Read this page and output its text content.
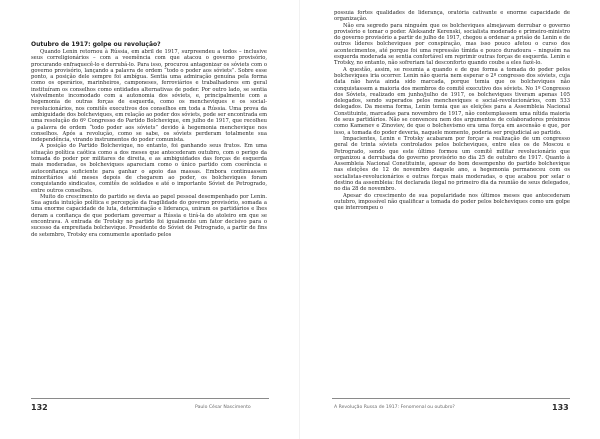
Outubro de 1917: golpe ou revolução?

Quando Lenin retornou à Rússia, em abril de 1917, surpreendeu a todos – inclusive seus correligionários – com a veemência com que atacou o governo provisório, procurando enfraquecê-lo e derrubá-lo. Para isso, procurou antagonizar os sóviets com o governo provisório, lançando a palavra de ordem “todo o poder aos sóviets”. Sobre esse ponto, a posição dele sempre foi ambígua. Sentia uma admiração genuína pela forma como os operários, marinheiros, camponeses, ferroviários e trabalhadores em geral instituíram os conselhos como entidades alternativas de poder. Por outro lado, se sentia visivelmente incomodado com a autonomia dos sóviets, e, principalmente com a hegemonia de outras forças de esquerda, como os mencheviques e os social-revolucionários, nos comitês executivos dos conselhos em toda a Rússia. Uma prova da ambiguidade dos bolcheviques, em relação ao poder dos sóviets, pode ser encontrada em uma resolução do 6º Congresso do Partido Bolchevique, em julho de 1917, que recolheu a palavra de ordem “todo poder aos sóviets” devido à hegemonia menchevique nos conselhos. Após a revolução, como se sabe, os sóviets perderam totalmente sua independência, virando instrumentos do poder comunista.

A posição do Partido Bolchevique, no entanto, foi ganhando seus frutos. Em uma situação política caótica como a dos meses que antecederam outubro, com o perigo da tomada do poder por militares de direita, e as ambiguidades das forças de esquerda mais moderadas, os bolcheviques apareciam como o único partido com coerência e autoconfiança suficiente para ganhar o apoio das massas. Embora continuassem minoritários até meses depois de chegarem ao poder, os bolcheviques foram conquistando sindicatos, comitês de soldados e até o importante Sóviet de Petrogrado, entre outros conselhos.

Muito do crescimento do partido se devia ao papel pessoal desempenhado por Lenin. Sua aguda intuição política e percepção da fragilidade do governo provisório, somada a uma enorme capacidade de luta, determinação e liderança, uniram os partidários e lhes deram a confiança de que poderiam governar a Rússia e tirá-la do atoleiro em que se encontrava. A entrada de Trotsky no partido foi igualmente um fator decisivo para o sucesso da empreitada bolchevique. Presidente do Sóviet de Petrogrado, a partir de fins de setembro, Trotsky era comumente apontado pelos

132	Paulo César Nascimento

possuía fortes qualidades de liderança, oratória cativante e enorme capacidade de organização.

Não era segredo para ninguém que os bolcheviques almejavam derrubar o governo provisório e tomar o poder. Aleksandr Kerenski, socialista moderado e primeiro-ministro do governo provisório a partir de julho de 1917, chegou a ordenar a prisão de Lenin e de outros líderes bolcheviques por conspiração, mas isso pouco afetou o curso dos acontecimentos, até porque foi uma repressão tímida e pouco duradoura – ninguém na esquerda moderada se sentia confortável em reprimir outras forças de esquerda. Lenin e Trotsky, no entanto, não sofreriam tal desconforto quando coube a eles fazê-lo.

A questão, assim, se resumia a quando e de que forma a tomada do poder pelos bolcheviques iria ocorrer. Lenin não queria nem esperar o 2º congresso dos sóviets, cuja data não havia ainda sido marcada, porque temia que os bolcheviques não conquistassem a maioria dos membros do comitê executivo dos sóviets. No 1º Congresso dos Sóviets, realizado em junho/julho de 1917, os bolcheviques tiveram apenas 105 delegados, sendo superados pelos mencheviques e social-revolucionários, com 533 delegados. Da mesma forma, Lenin temia que as eleições para a Assembleia Nacional Constituinte, marcadas para novembro de 1917, não contemplassem uma nítida maioria de seus partidários. Não se convenceu nem dos argumentos de colaboradores próximos como Kamenev e Zinoviev, de que o bolchevismo era uma força em ascensão e que, por isso, a tomada do poder deveria, naquele momento, poderia ser prejudicial ao partido.

Impacientes, Lenin e Trotsky acabaram por forçar a realização de um congresso geral de trinta sóviets controlados pelos bolcheviques, entre eles os de Moscou e Petrogrado, sendo que este último formou um comitê militar revolucionário que organizou a derrubada do governo provisório no dia 25 de outubro de 1917. Quanto à Assembleia Nacional Constituinte, apesar do bom desempenho do partido bolchevique nas eleições de 12 de novembro daquele ano, a hegemonia permaneceu com os socialistas-revolucionários e outras forças mais moderadas, o que acabou por selar o destino da assembleia: foi declarada ilegal no primeiro dia da reunião de seus delegados, no dia 28 de novembro.

Apesar do crescimento de sua popularidade nos últimos meses que antecederam outubro, impossível não qualificar a tomada do poder pelos bolcheviques como um golpe que interrompeu o

A Revolução Russa de 1917: Fenomenal ou outubro?	133
